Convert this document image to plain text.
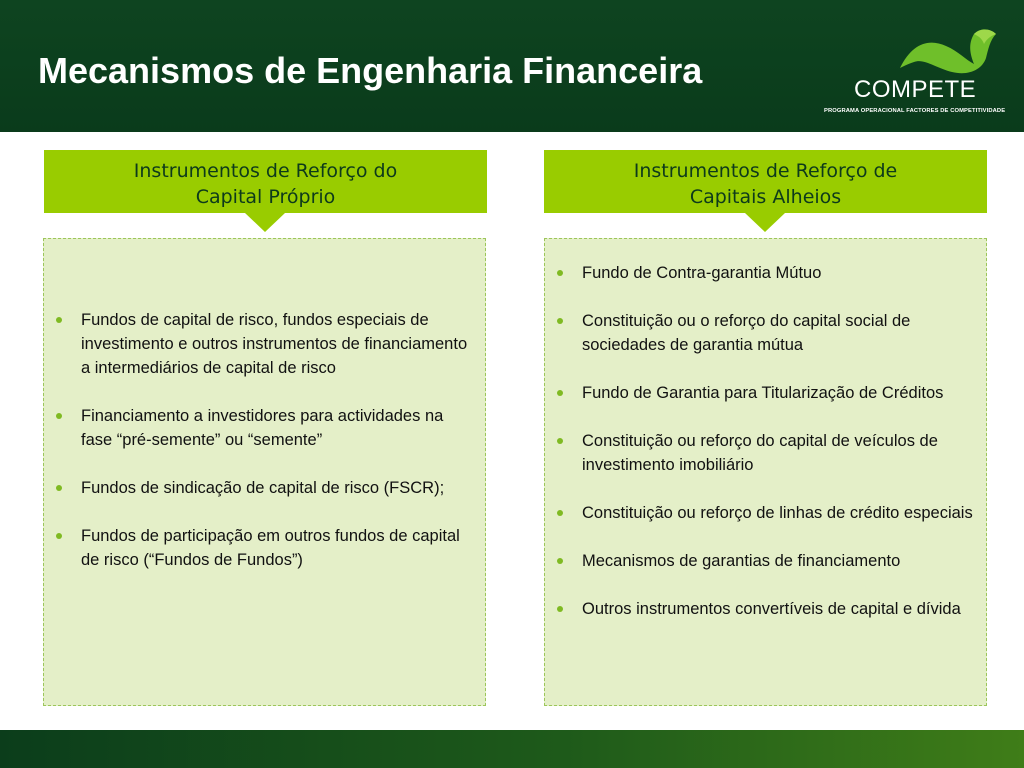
Mecanismos de Engenharia Financeira	COMPETE
PROGRAMA OPERACIONAL FACTORES DE COMPETITIVIDADE
Instrumentos de Reforço do
Capital Próprio
Instrumentos de Reforço de
Capitais Alheios
Fundos de capital de risco, fundos especiais de investimento e outros instrumentos de financiamento a intermediários de capital de risco
Financiamento a investidores para actividades na fase “pré-semente” ou “semente”
Fundos de sindicação de capital de risco (FSCR);
Fundos de participação em outros fundos de capital de risco (“Fundos de Fundos”)
Fundo de Contra-garantia Mútuo
Constituição ou o reforço do capital social de sociedades de garantia mútua
Fundo de Garantia para Titularização de Créditos
Constituição ou reforço do capital de veículos de investimento imobiliário
Constituição ou reforço de linhas de crédito especiais
Mecanismos de garantias de financiamento
Outros instrumentos convertíveis de capital e dívida
